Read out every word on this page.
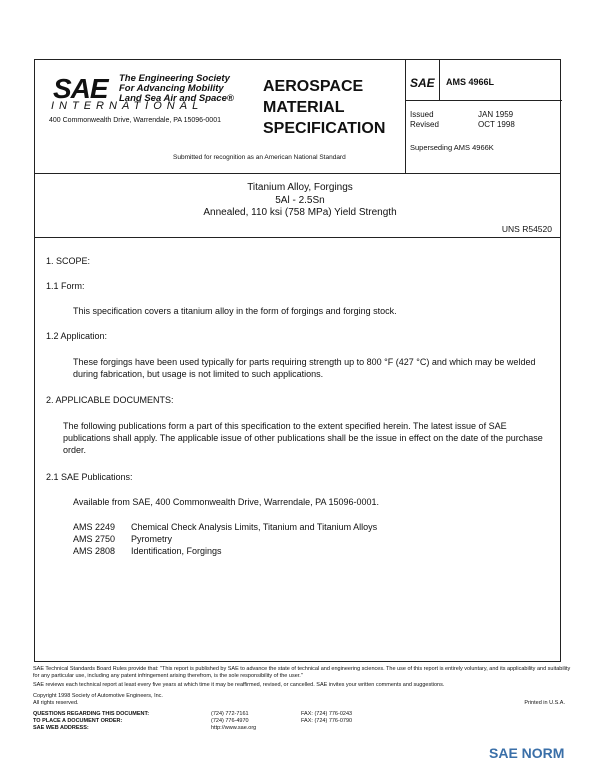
SAE The Engineering Society
For Advancing Mobility
Land Sea Air and Space®
INTERNATIONAL
400 Commonwealth Drive, Warrendale, PA 15096-0001
AEROSPACE
MATERIAL
SPECIFICATION
Submitted for recognition as an American National Standard
SAE AMS 4966L
Issued	JAN 1959
Revised	OCT 1998
Superseding AMS 4966K
Titanium Alloy, Forgings
5Al - 2.5Sn
Annealed, 110 ksi (758 MPa) Yield Strength
UNS R54520
1. SCOPE:
1.1 Form:
This specification covers a titanium alloy in the form of forgings and forging stock.
1.2 Application:
These forgings have been used typically for parts requiring strength up to 800 °F (427 °C) and which may be welded during fabrication, but usage is not limited to such applications.
2. APPLICABLE DOCUMENTS:
The following publications form a part of this specification to the extent specified herein. The latest issue of SAE publications shall apply. The applicable issue of other publications shall be the issue in effect on the date of the purchase order.
2.1 SAE Publications:
Available from SAE, 400 Commonwealth Drive, Warrendale, PA 15096-0001.
AMS 2249 Chemical Check Analysis Limits, Titanium and Titanium Alloys
AMS 2750 Pyrometry
AMS 2808 Identification, Forgings
SAE Technical Standards Board Rules provide that: "This report is published by SAE to advance the state of technical and engineering sciences. The use of this report is entirely voluntary, and its applicability and suitability for any particular use, including any patent infringement arising therefrom, is the sole responsibility of the user."
SAE reviews each technical report at least every five years at which time it may be reaffirmed, revised, or cancelled. SAE invites your written comments and suggestions.
Copyright 1998 Society of Automotive Engineers, Inc.
All rights reserved.	Printed in U.S.A.
QUESTIONS REGARDING THIS DOCUMENT:	(724) 772-7161	FAX: (724) 776-0243
TO PLACE A DOCUMENT ORDER:	(724) 776-4970	FAX: (724) 776-0790
SAE WEB ADDRESS:	http://www.sae.org
SAE NORM
